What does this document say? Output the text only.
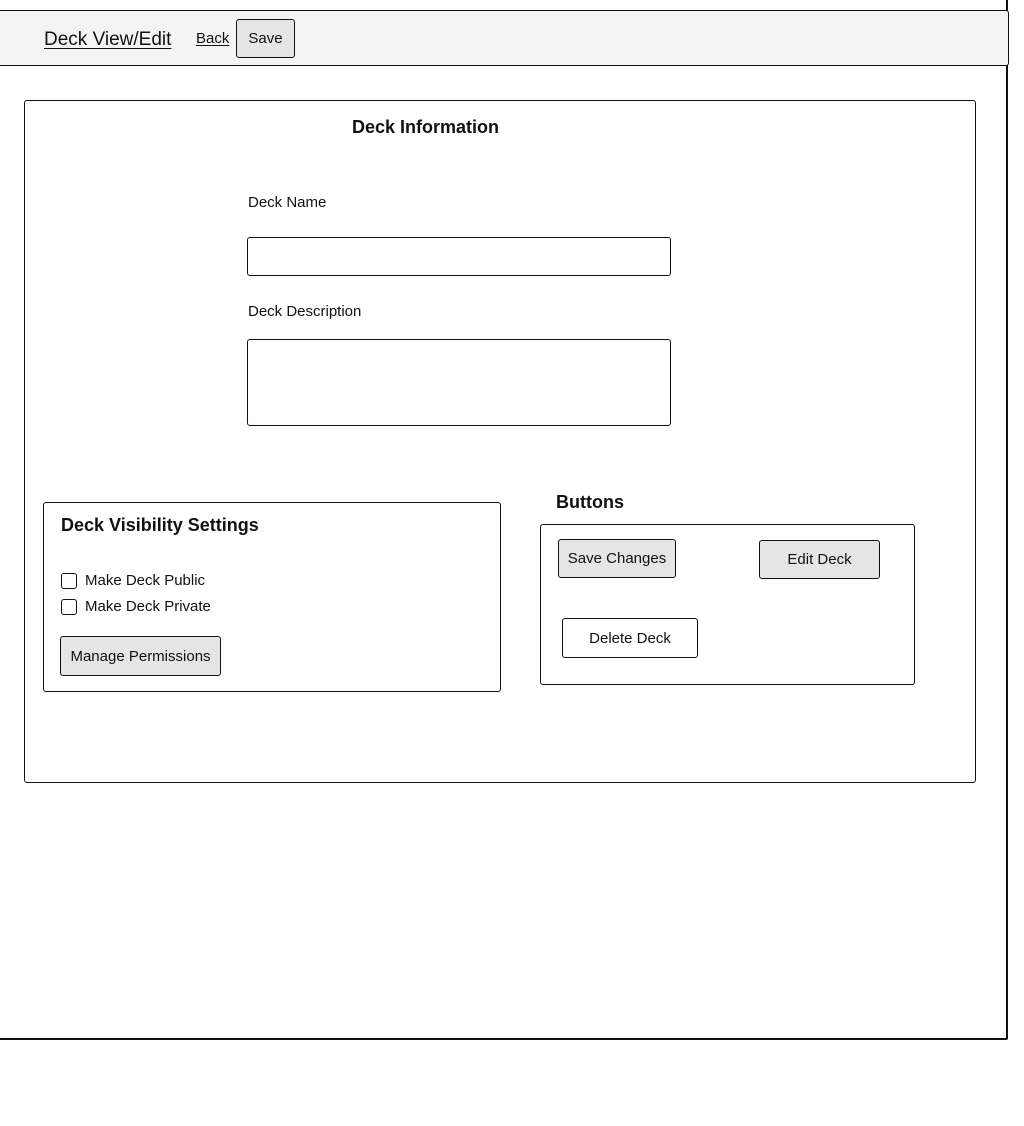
Deck View/Edit Back	Save
Deck Information
Deck Name
Deck Description
Deck Visibility Settings
Make Deck Public
Make Deck Private
Manage Permissions
Buttons
Save Changes	Edit Deck
Delete Deck
